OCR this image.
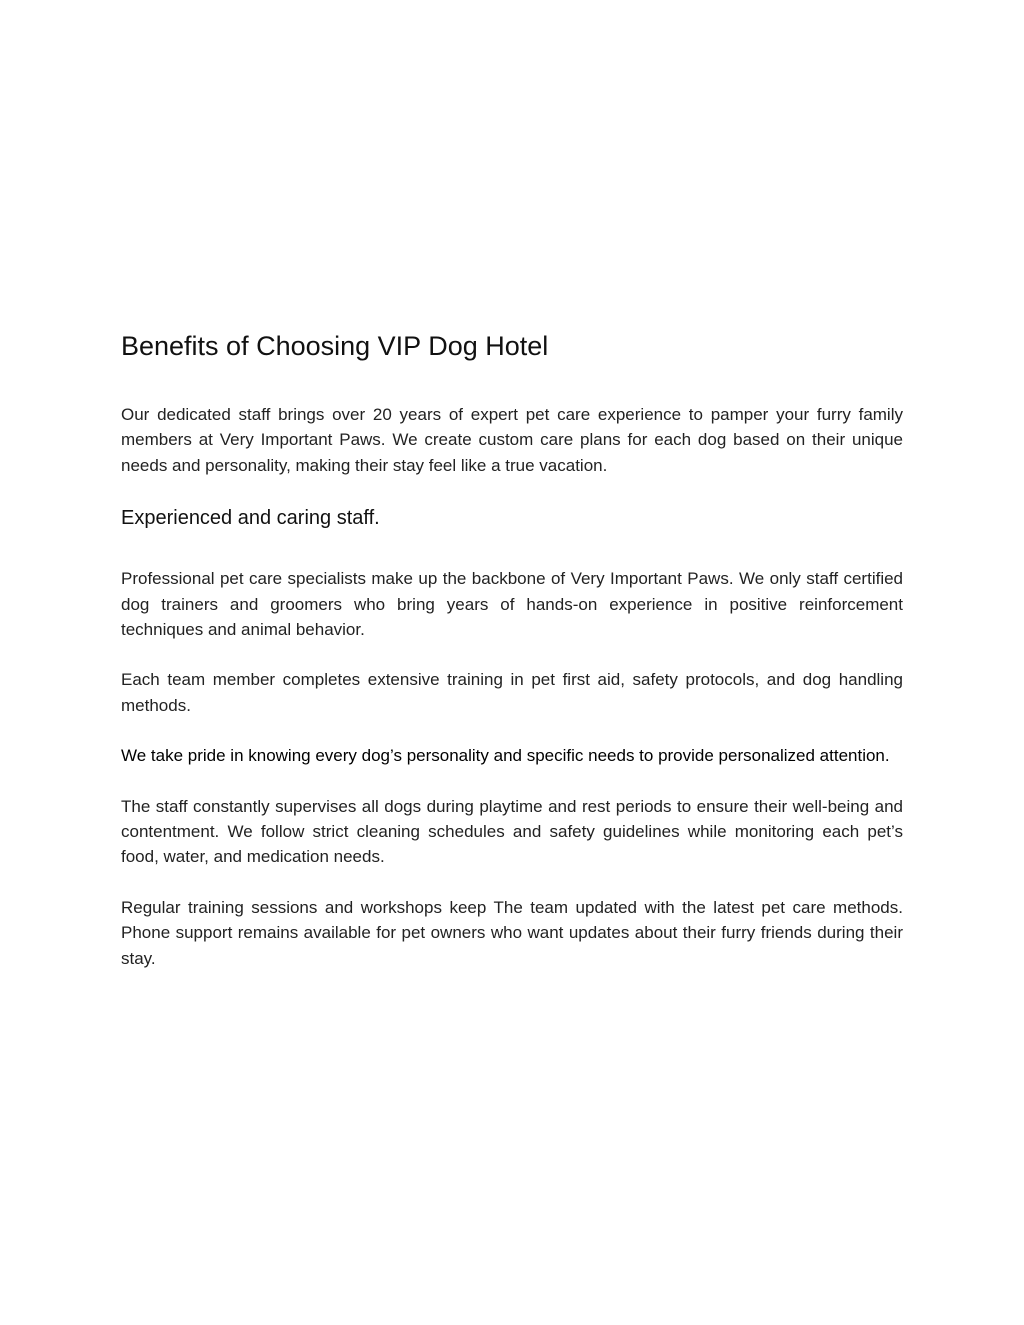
Benefits of Choosing VIP Dog Hotel

Our dedicated staff brings over 20 years of expert pet care experience to pamper your furry family members at Very Important Paws. We create custom care plans for each dog based on their unique needs and personality, making their stay feel like a true vacation.

Experienced and caring staff.

Professional pet care specialists make up the backbone of Very Important Paws. We only staff certified dog trainers and groomers who bring years of hands-on experience in positive reinforcement techniques and animal behavior.

Each team member completes extensive training in pet first aid, safety protocols, and dog handling methods.

We take pride in knowing every dog’s personality and specific needs to provide personalized attention.

The staff constantly supervises all dogs during playtime and rest periods to ensure their well-being and contentment. We follow strict cleaning schedules and safety guidelines while monitoring each pet’s food, water, and medication needs.

Regular training sessions and workshops keep The team updated with the latest pet care methods. Phone support remains available for pet owners who want updates about their furry friends during their stay.
